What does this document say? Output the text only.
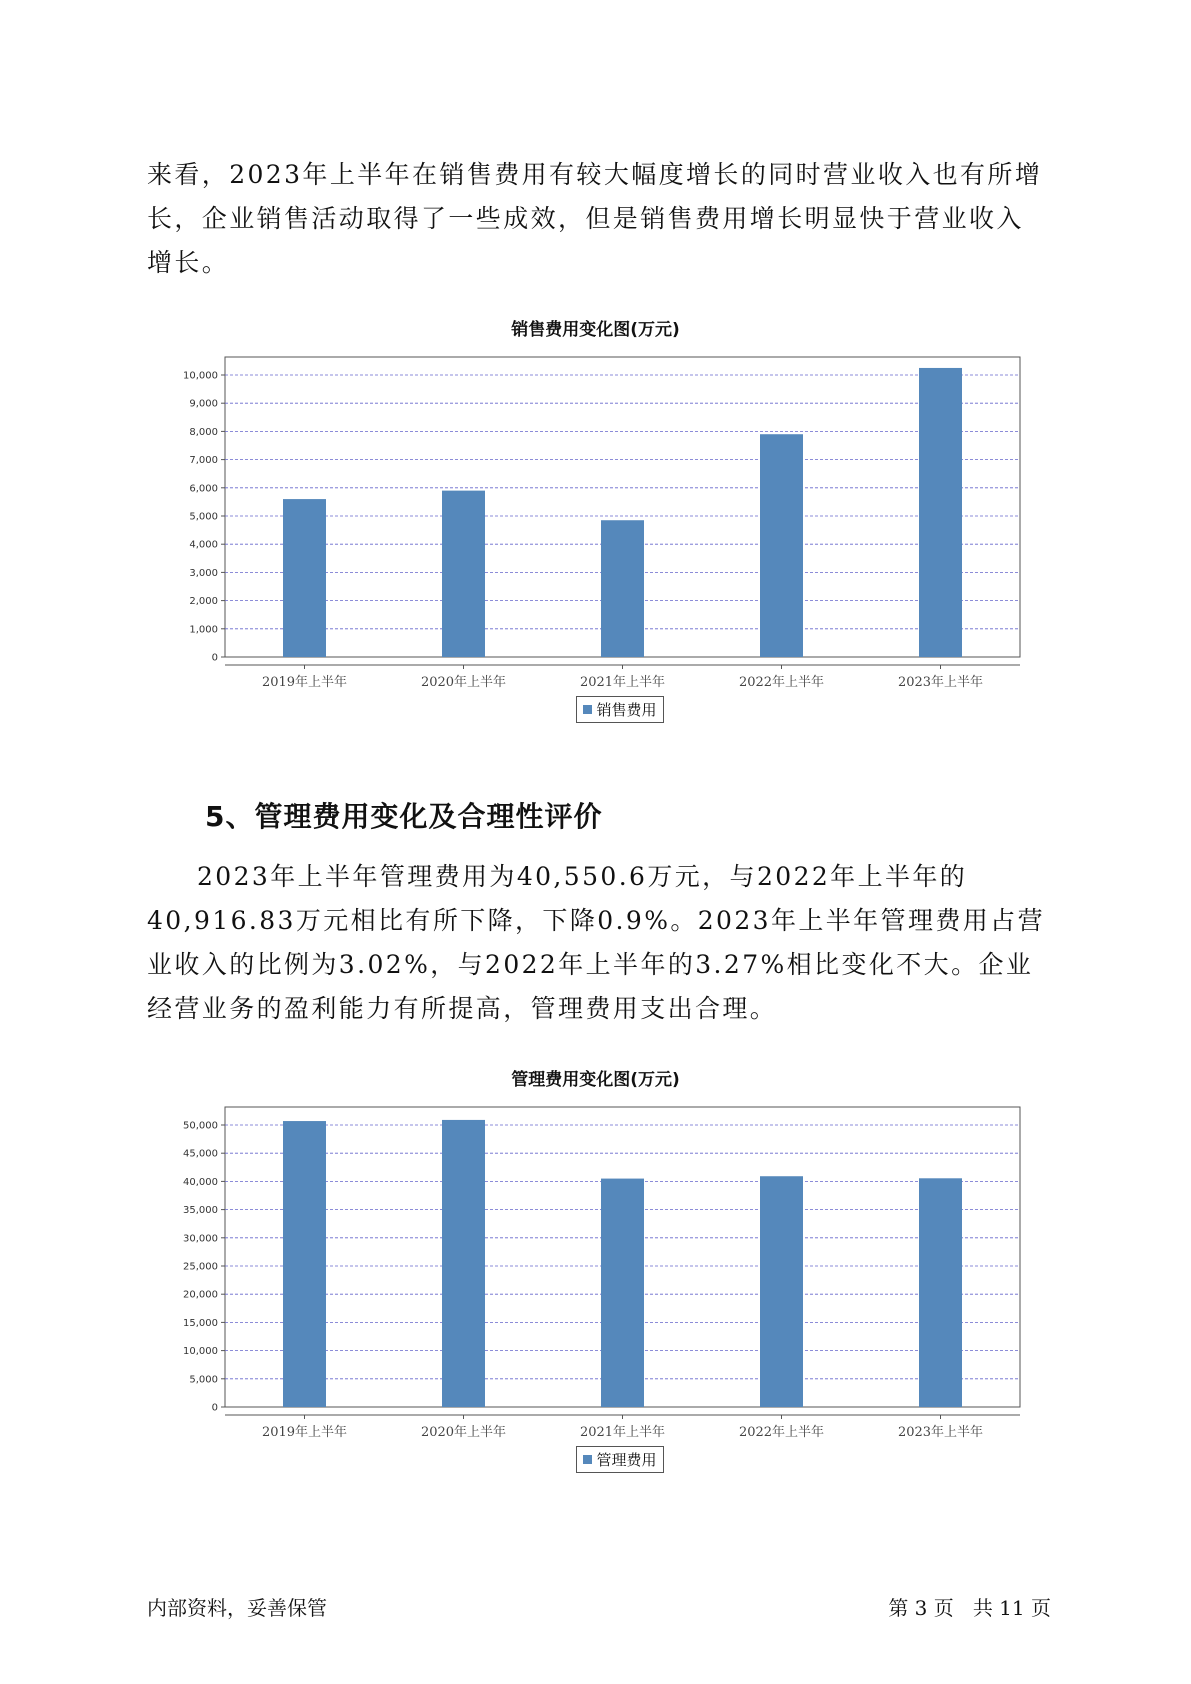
来看，2023年上半年在销售费用有较大幅度增长的同时营业收入也有所增长，企业销售活动取得了一些成效，但是销售费用增长明显快于营业收入增长。

销售费用变化图(万元)

0
1,000
2,000
3,000
4,000
5,000
6,000
7,000
8,000
9,000
10,000
2019年上半年	2020年上半年	2021年上半年	2022年上半年	2023年上半年
销售费用

5、管理费用变化及合理性评价

2023年上半年管理费用为40,550.6万元，与2022年上半年的40,916.83万元相比有所下降，下降0.9%。2023年上半年管理费用占营业收入的比例为3.02%，与2022年上半年的3.27%相比变化不大。企业经营业务的盈利能力有所提高，管理费用支出合理。

管理费用变化图(万元)

0
5,000
10,000
15,000
20,000
25,000
30,000
35,000
40,000
45,000
50,000
2019年上半年	2020年上半年	2021年上半年	2022年上半年	2023年上半年
管理费用

内部资料，妥善保管	第 3 页   共 11 页
